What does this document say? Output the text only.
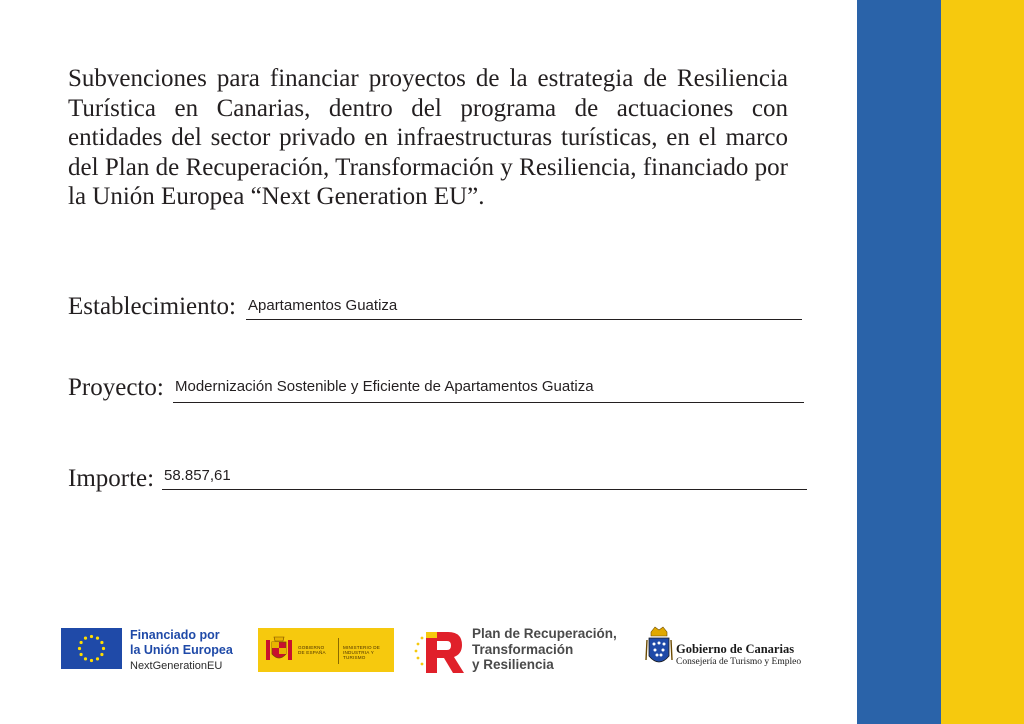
Subvenciones para financiar proyectos de la estrategia de Resiliencia Turística en Canarias, dentro del programa de actuaciones con entidades del sector privado en infraestructuras turísticas, en el marco del Plan de Recuperación, Transformación y Resiliencia, financiado por la Unión Europea “Next Generation EU”.

Establecimiento: Apartamentos Guatiza
Proyecto: Modernización Sostenible y Eficiente de Apartamentos Guatiza
Importe: 58.857,61
Financiado por
la Unión Europea
NextGenerationEU
GOBIERNO DE ESPAÑA
MINISTERIO DE INDUSTRIA Y TURISMO
Plan de Recuperación,
Transformación
y Resiliencia
Gobierno de Canarias
Consejería de Turismo y Empleo
